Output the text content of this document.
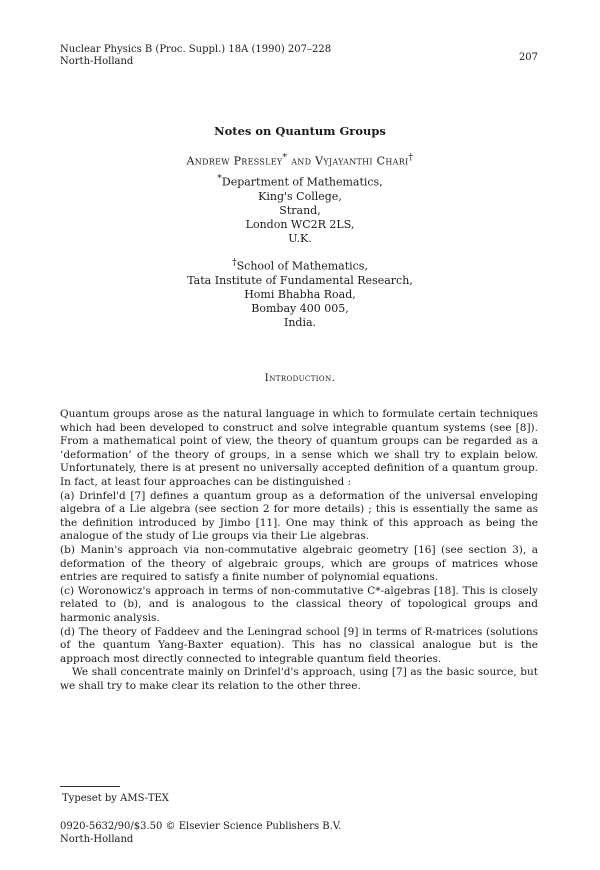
Nuclear Physics B (Proc. Suppl.) 18A (1990) 207–228
North-Holland	207
Notes on Quantum Groups
Andrew Pressley* and Vyjayanthi Chari†
*Department of Mathematics,
King's College,
Strand,
London WC2R 2LS,
U.K.
†School of Mathematics,
Tata Institute of Fundamental Research,
Homi Bhabha Road,
Bombay 400 005,
India.
Introduction.

Quantum groups arose as the natural language in which to formulate certain techniques which had been developed to construct and solve integrable quantum systems (see [8]). From a mathematical point of view, the theory of quantum groups can be regarded as a ‘deformation’ of the theory of groups, in a sense which we shall try to explain below. Unfortunately, there is at present no universally accepted definition of a quantum group. In fact, at least four approaches can be distinguished :

(a) Drinfel'd [7] defines a quantum group as a deformation of the universal enveloping algebra of a Lie algebra (see section 2 for more details) ; this is essentially the same as the definition introduced by Jimbo [11]. One may think of this approach as being the analogue of the study of Lie groups via their Lie algebras.

(b) Manin's approach via non-commutative algebraic geometry [16] (see section 3), a deformation of the theory of algebraic groups, which are groups of matrices whose entries are required to satisfy a finite number of polynomial equations.

(c) Woronowicz's approach in terms of non-commutative C*-algebras [18]. This is closely related to (b), and is analogous to the classical theory of topological groups and harmonic analysis.

(d) The theory of Faddeev and the Leningrad school [9] in terms of R-matrices (solutions of the quantum Yang-Baxter equation). This has no classical analogue but is the approach most directly connected to integrable quantum field theories.

We shall concentrate mainly on Drinfel'd's approach, using [7] as the basic source, but we shall try to make clear its relation to the other three.

Typeset by AMS-TEX
0920-5632/90/$3.50 © Elsevier Science Publishers B.V.
North-Holland
